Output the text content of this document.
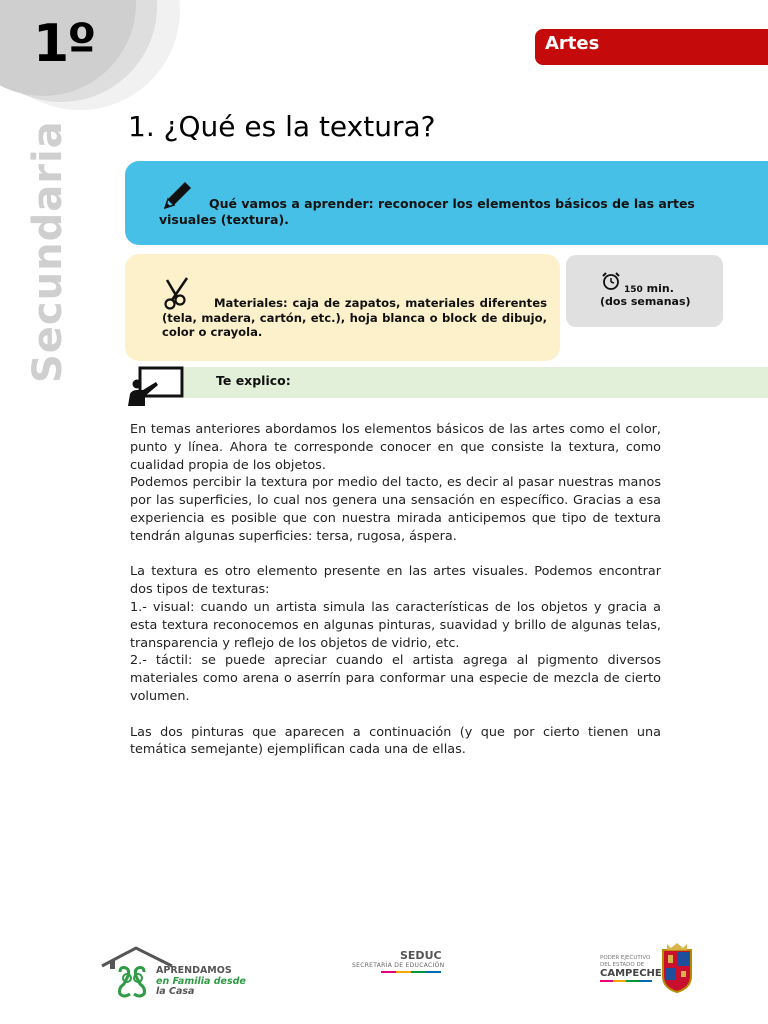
1º
Secundaria
Artes
1. ¿Qué es la textura?
Qué vamos a aprender: reconocer los elementos básicos de las artes visuales (textura).
Materiales: caja de zapatos, materiales diferentes (tela, madera, cartón, etc.), hoja blanca o block de dibujo, color o crayola.
150 min.
(dos semanas)
Te explico:

En temas anteriores abordamos los elementos básicos de las artes como el color, punto y línea. Ahora te corresponde conocer en que consiste la textura, como cualidad propia de los objetos.

Podemos percibir la textura por medio del tacto, es decir al pasar nuestras manos por las superficies, lo cual nos genera una sensación en específico. Gracias a esa experiencia es posible que con nuestra mirada anticipemos que tipo de textura tendrán algunas superficies: tersa, rugosa, áspera.

La textura es otro elemento presente en las artes visuales. Podemos encontrar dos tipos de texturas:

1.- visual: cuando un artista simula las características de los objetos y gracia a esta textura reconocemos en algunas pinturas, suavidad y brillo de algunas telas, transparencia y reflejo de los objetos de vidrio, etc.

2.- táctil: se puede apreciar cuando el artista agrega al pigmento diversos materiales como arena o aserrín para conformar una especie de mezcla de cierto volumen.

Las dos pinturas que aparecen a continuación (y que por cierto tienen una temática semejante) ejemplifican cada una de ellas.

APRENDAMOS
en Familia desde
la Casa
SEDUC
SECRETARÍA DE EDUCACIÓN
PODER EJECUTIVO
DEL ESTADO DE
CAMPECHE
